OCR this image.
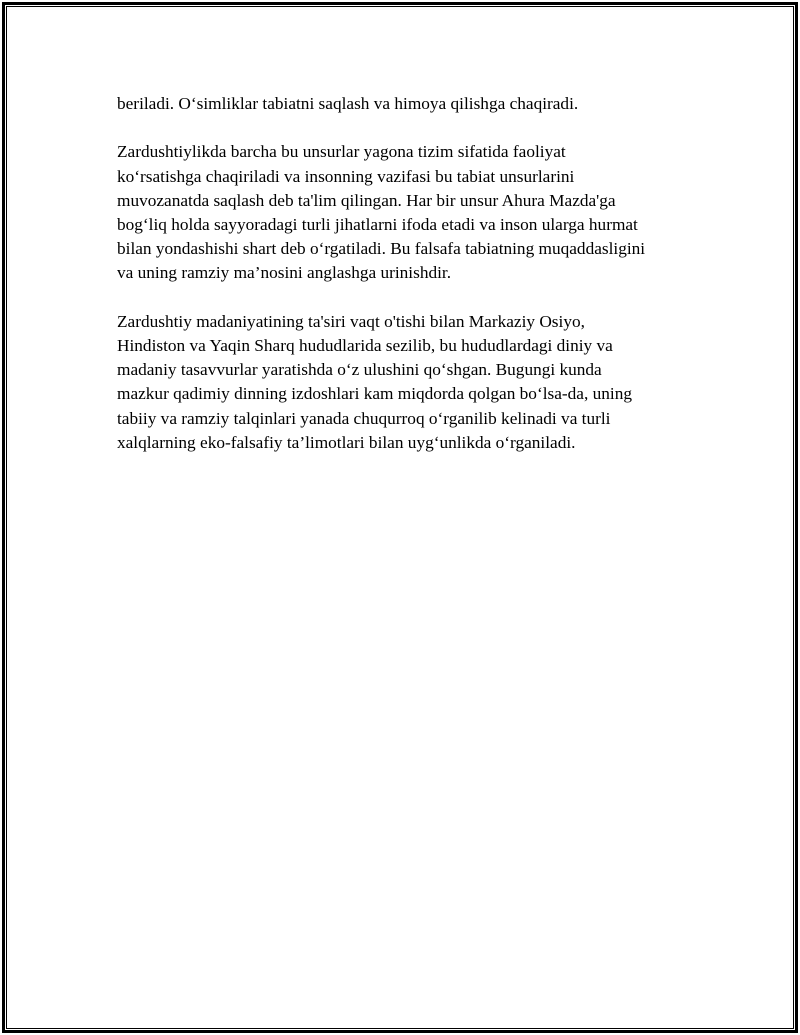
beriladi. O‘simliklar tabiatni saqlash va himoya qilishga chaqiradi.

Zardushtiylikda barcha bu unsurlar yagona tizim sifatida faoliyat
ko‘rsatishga chaqiriladi va insonning vazifasi bu tabiat unsurlarini
muvozanatda saqlash deb ta'lim qilingan. Har bir unsur Ahura Mazda'ga
bog‘liq holda sayyoradagi turli jihatlarni ifoda etadi va inson ularga hurmat
bilan yondashishi shart deb o‘rgatiladi. Bu falsafa tabiatning muqaddasligini
va uning ramziy ma’nosini anglashga urinishdir.

Zardushtiy madaniyatining ta'siri vaqt o'tishi bilan Markaziy Osiyo,
Hindiston va Yaqin Sharq hududlarida sezilib, bu hududlardagi diniy va
madaniy tasavvurlar yaratishda o‘z ulushini qo‘shgan. Bugungi kunda
mazkur qadimiy dinning izdoshlari kam miqdorda qolgan bo‘lsa-da, uning
tabiiy va ramziy talqinlari yanada chuqurroq o‘rganilib kelinadi va turli
xalqlarning eko-falsafiy ta’limotlari bilan uyg‘unlikda o‘rganiladi.
